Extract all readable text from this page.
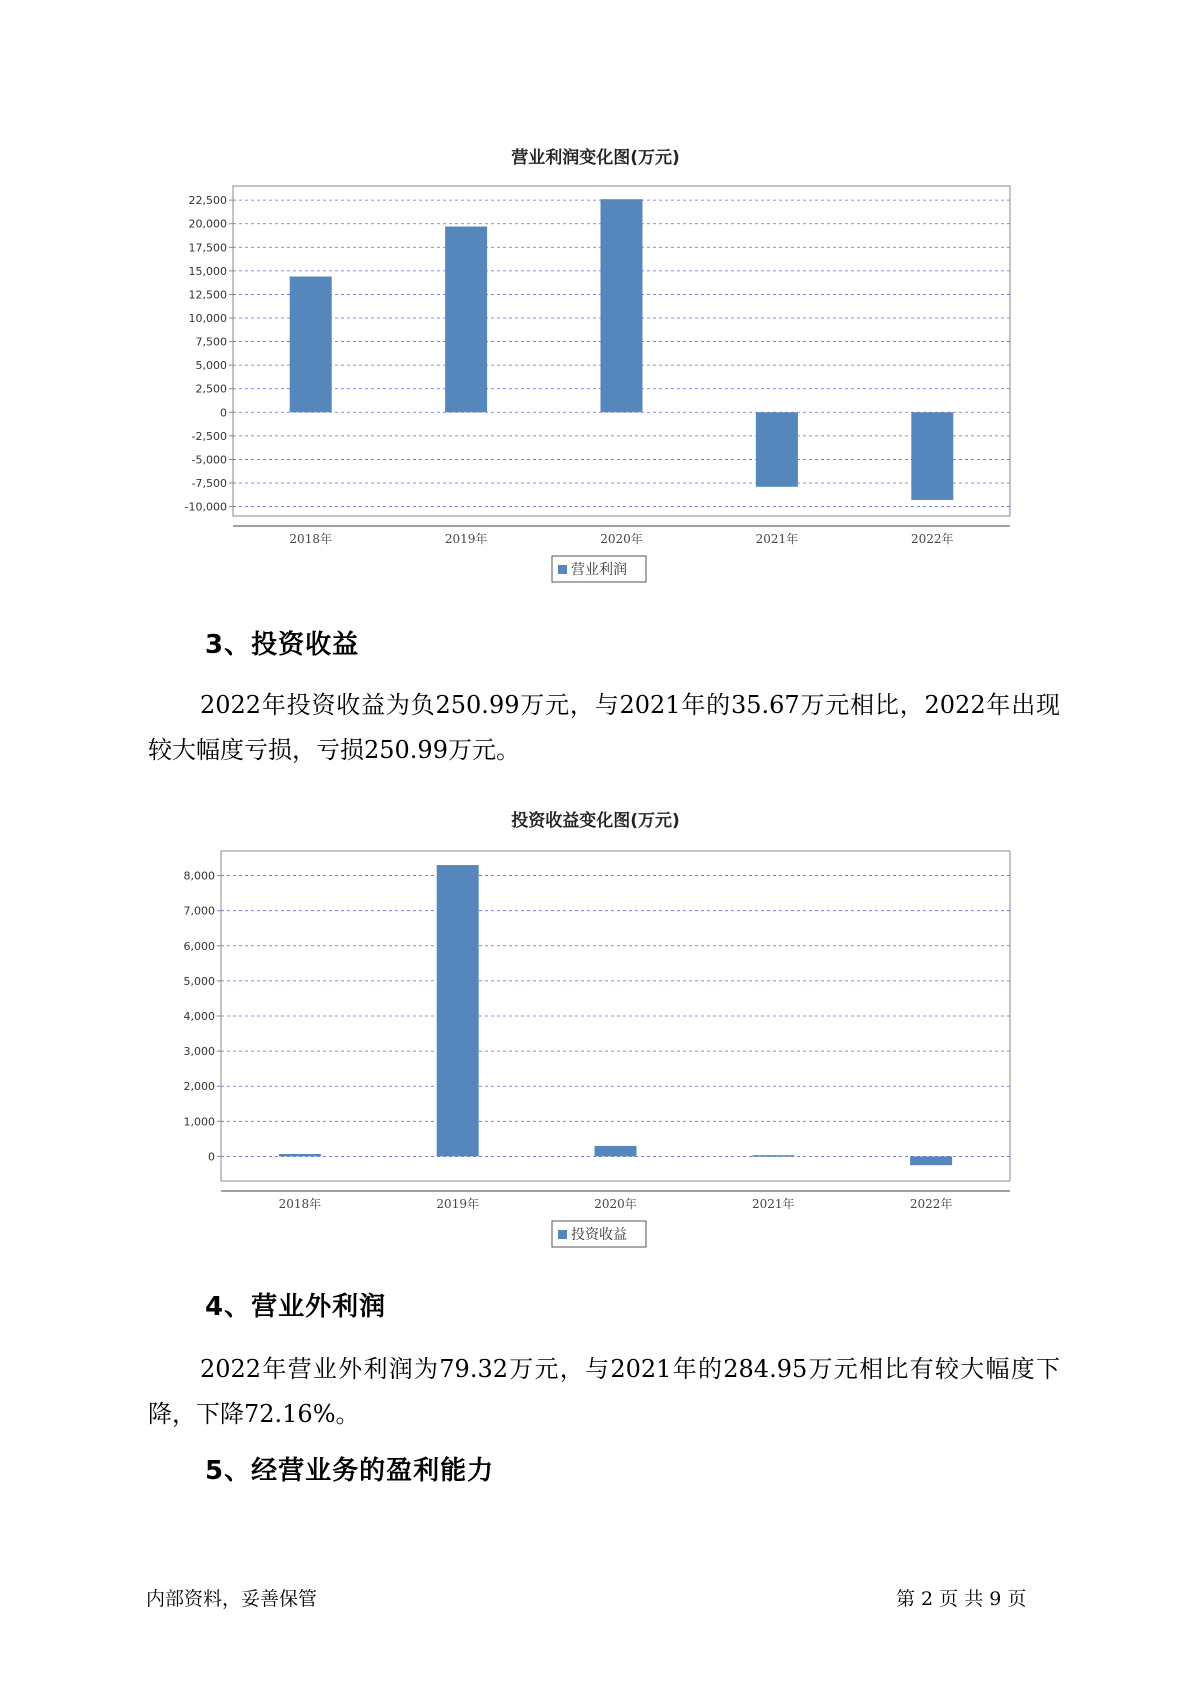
营业利润变化图(万元)
22,500
20,000
17,500
15,000
12,500
10,000
7,500
5,000
2,500
0
-2,500
-5,000
-7,500
-10,000
2018年	2019年	2020年	2021年	2022年
营业利润
3、投资收益

2022年投资收益为负250.99万元，与2021年的35.67万元相比，2022年出现较大幅度亏损，亏损250.99万元。

投资收益变化图(万元)
8,000
7,000
6,000
5,000
4,000
3,000
2,000
1,000
0
2018年	2019年	2020年	2021年	2022年
投资收益
4、营业外利润

2022年营业外利润为79.32万元，与2021年的284.95万元相比有较大幅度下降，下降72.16%。

5、经营业务的盈利能力
内部资料，妥善保管	第 2 页 共 9 页
